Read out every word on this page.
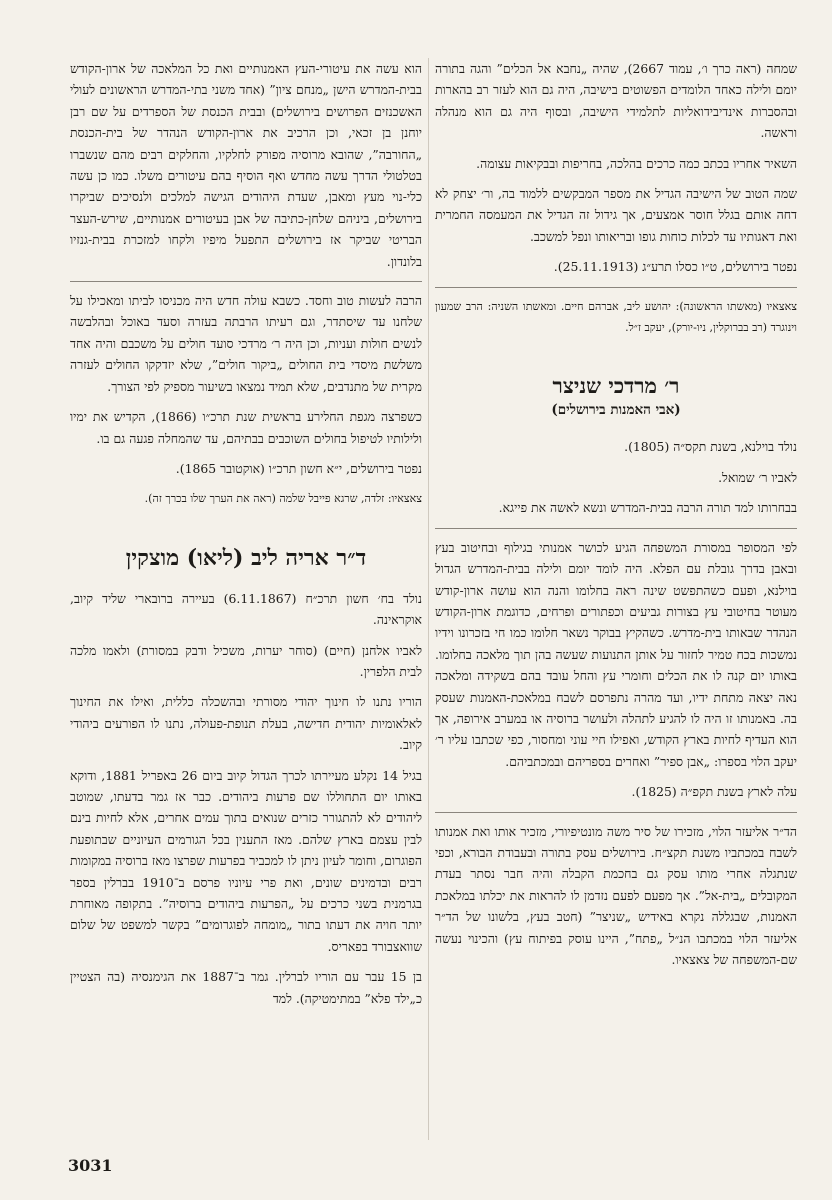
שמחה (ראה כרך ו׳, עמוד 2667), שהיה „נחבא אל הכלים” והגה בתורה יומם ולילה כאחד הלומדים הפשוטים בישיבה, היה גם הוא לעזר רב בהארות ובהסברות אינדיבידואליות לתלמידי הישיבה, ובסוף היה גם הוא מנהלה וראשה.

השאיר אחריו בכתב כמה כרכים בהלכה, בחריפות ובבקיאות עצומה.

שמה הטוב של הישיבה הגדיל את מספר המבקשים ללמוד בה, ור׳ יצחק לא דחה אותם בגלל חוסר אמצעים, אך גידול זה הגדיל את המעמסה החמרית ואת דאגותיו עד לכלות כוחות גופו ובריאותו ונפל למשכב.

נפטר בירושלים, ט״ו כסלו תרע״ג (25.11.1913).

צאצאיו (מאשתו הראשונה): יהושע ליב, אברהם חיים. ומאשתו השניה: הרב שמעון וינוגרד (רב בברוקלין, ניו-יורק), יעקב ז״ל.

ר׳ מרדכי שניצר
(אבי האמנות בירושלים)

נולד בוילנא, בשנת תקס״ה (1805).

לאביו ר׳ שמואל.

בבחרותו למד תורה הרבה בבית-המדרש ונשא לאשה את פייגא.

לפי המסופר במסורת המשפחה הגיע לכושר אמנותי בגילוף ובחיטוב בעץ ובאבן בדרך גובלת עם הפלא. היה לומד יומם ולילה בבית-המדרש הגדול בוילנא, ופעם כשהתפשט שינה ראה בחלומו והנה הוא עושה ארון-קודש מעוטר בחיטובי עץ בצורות גביעים וכפתורים ופרחים, כדוגמת ארון-הקודש הנהדר שבאותו בית-מדרש. כשהקיץ בבוקר נשאר חלומו כמו חי בזכרונו וידיו נמשכות בכח טמיר לחזור על אותן התנועות שעשה בהן תוך מלאכה בחלומו. באותו יום קנה לו את הכלים וחומרי עץ והחל עובד בהם בשקידה ומלאכה נאה יצאה מתחת ידיו, ועד מהרה נתפרסם לשבח במלאכת-האמנות שעסק בה. באמנותו זו היה לו להגיע לתהלה ולעושר ברוסיה או במערב אירופה, אך הוא העדיף לחיות בארץ הקודש, ואפילו חיי עוני ומחסור, כפי שכתבו עליו ר׳ יעקב הלוי בספרו: „אבן ספיר” ואחרים בספריהם ובמכתביהם.

עלה לארץ בשנת תקפ״ה (1825).

הד״ר אליעזר הלוי, מזכירו של סיר משה מונטיפיורי, מזכיר אותו ואת אמנותו לשבח במכתביו משנת תקצ״ח. בירושלים עסק בתורה ובעבודת הבורא, וכפי שנתגלה אחרי מותו עסק גם בחכמת הקבלה והיה חבר נסתר בעדת המקובלים „בית-אל”. אך מפעם לפעם נזדמן לו להראות את יכלתו במלאכת האמנות, שבגללה נקרא באידיש „שניצר” (חטב בעץ, בלשונו של הד״ר אליעזר הלוי במכתבו הנ״ל „פתח”, היינו עוסק בפיתוח עץ) והכינוי נעשה שם-המשפחה של צאצאיו.

הוא עשה את עיטורי-העץ האמנותיים ואת כל המלאכה של ארון-הקודש בבית-המדרש הישן „מנחם ציון” (אחד משני בתי-המדרש הראשונים לעולי האשכנזים הפרושים בירושלים) ובבית הכנסת של הספרדים על שם רבן יוחנן בן זכאי, וכן הרכיב את ארון-הקודש הנהדר של בית-הכנסת „החורבה”, שהובא מרוסיה מפורק לחלקיו, והחלקים רבים מהם שנשברו בטלטולי הדרך עשה מחדש ואף הוסיף בהם עיטורים משלו. כמו כן עשה כלי-נוי מעץ ומאבן, שעדת היהודים הגישה למלכים ולנסיכים שביקרו בירושלים, ביניהם שלחן-כתיבה של אבן בעיטורים אמנותיים, שירש-העצר הבריטי שביקר אז בירושלים התפעל מיפיו ולקחו למזכרת בבית-גנזיו בלונדון.

הרבה לעשות טוב וחסד. כשבא עולה חדש היה מכניסו לביתו ומאכילו על שלחנו עד שיסתדר, וגם רעיתו הרבתה בעזרה וסעד באוכל ובהלבשה לנשים חולות ועניות, וכן היה ר׳ מרדכי סועד חולים על משכבם והיה אחד משלשת מיסדי בית החולים „ביקור חולים”, שלא יזדקקו החולים לעזרה מקרית של מתנדבים, שלא תמיד נמצאו בשיעור מספיק לפי הצורך.

כשפרצה מגפת החלירע בראשית שנת תרכ״ו (1866), הקדיש את ימיו ולילותיו לטיפול בחולים השוכבים בבתיהם, עד שהמחלה פגעה גם בו.

נפטר בירושלים, י״א חשון תרכ״ו (אוקטובר 1865).

צאצאיו: זלדה, שרגא פייבל שלמה (ראה את הערך שלו בכרך זה).

ד״ר אריה ליב (ליאו) מוצקין

נולד בח׳ חשון תרכ״ח (6.11.1867) בעיירה ברובארי שליד קיוב, אוקראינה.

לאביו אלחנן (חיים) (סוחר יערות, משכיל ודבק במסורת) ולאמו מלכה לבית הלפרין.

הוריו נתנו לו חינוך יהודי מסורתי ובהשכלה כללית, ואילו את החינוך לאלאומיות יהודית חדישה, בעלת תנופת-פעולה, נתנו לו הפורעים ביהודי קיוב.

בגיל 14 נקלע מעיירתו לכרך הגדול קיוב ביום 26 באפריל 1881, ודוקא באותו יום התחוללו שם פרעות ביהודים. כבר אז גמר בדעתו, שמוטב ליהודים לא להתגורר כזרים שנואים בתוך עמים אחרים, אלא לחיות בינם לבין עצמם בארץ שלהם. מאז התענין בכל הגורמים העיוניים שבתופעת הפוגרום, וחומר לעיון ניתן לו למכביר בפרעות שפרצו מאז ברוסיה במקומות רבים ובדמינים שונים, ואת פרי עיוניו פרסם ב־1910 בברלין בספר בגרמנית בשני כרכים על „הפרעות ביהודים ברוסיה”. בתקופה מאוחרת יותר חויה את דעתו בתור „מומחה לפוגרומים” בקשר למשפט של שלום שוואצבורד בפאריס.

בן 15 עבר עם הוריו לברלין. גמר ב־1887 את הגימנסיה (בה הצטיין כ„ילד פלא” במתימטיקה). למד

3031
